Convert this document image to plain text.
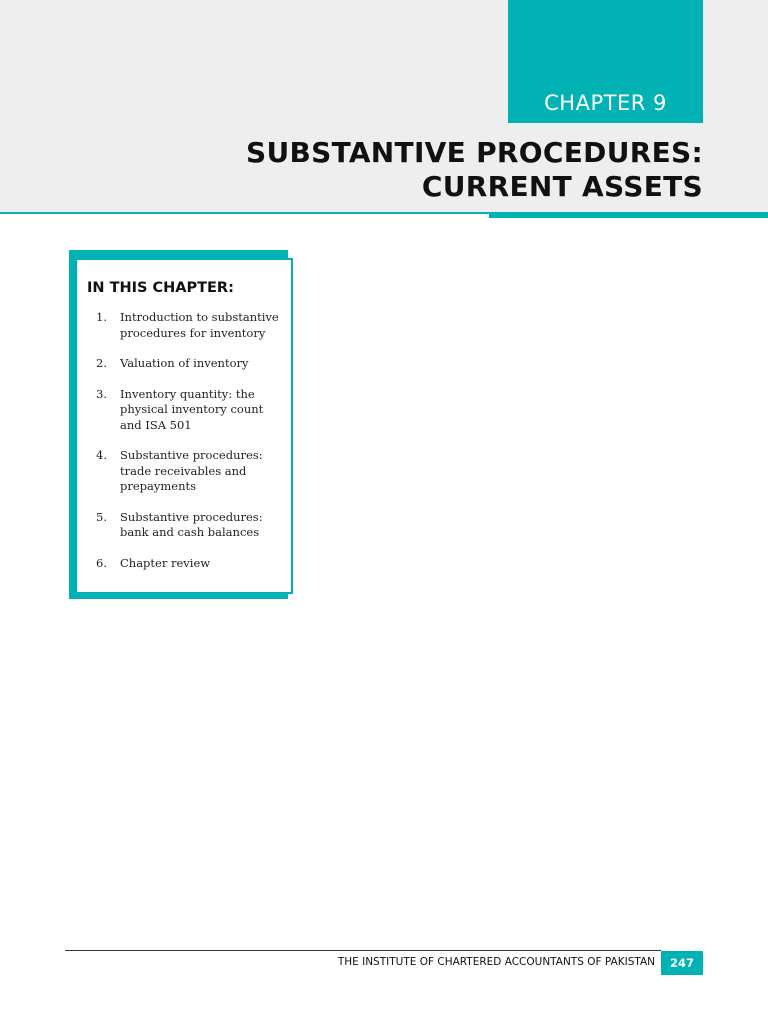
CHAPTER 9
SUBSTANTIVE PROCEDURES:
CURRENT ASSETS
IN THIS CHAPTER:
1.	Introduction to substantive procedures for inventory
2.	Valuation of inventory
3.	Inventory quantity: the physical inventory count and ISA 501
4.	Substantive procedures: trade receivables and prepayments
5.	Substantive procedures: bank and cash balances
6.	Chapter review
THE INSTITUTE OF CHARTERED ACCOUNTANTS OF PAKISTAN	247
